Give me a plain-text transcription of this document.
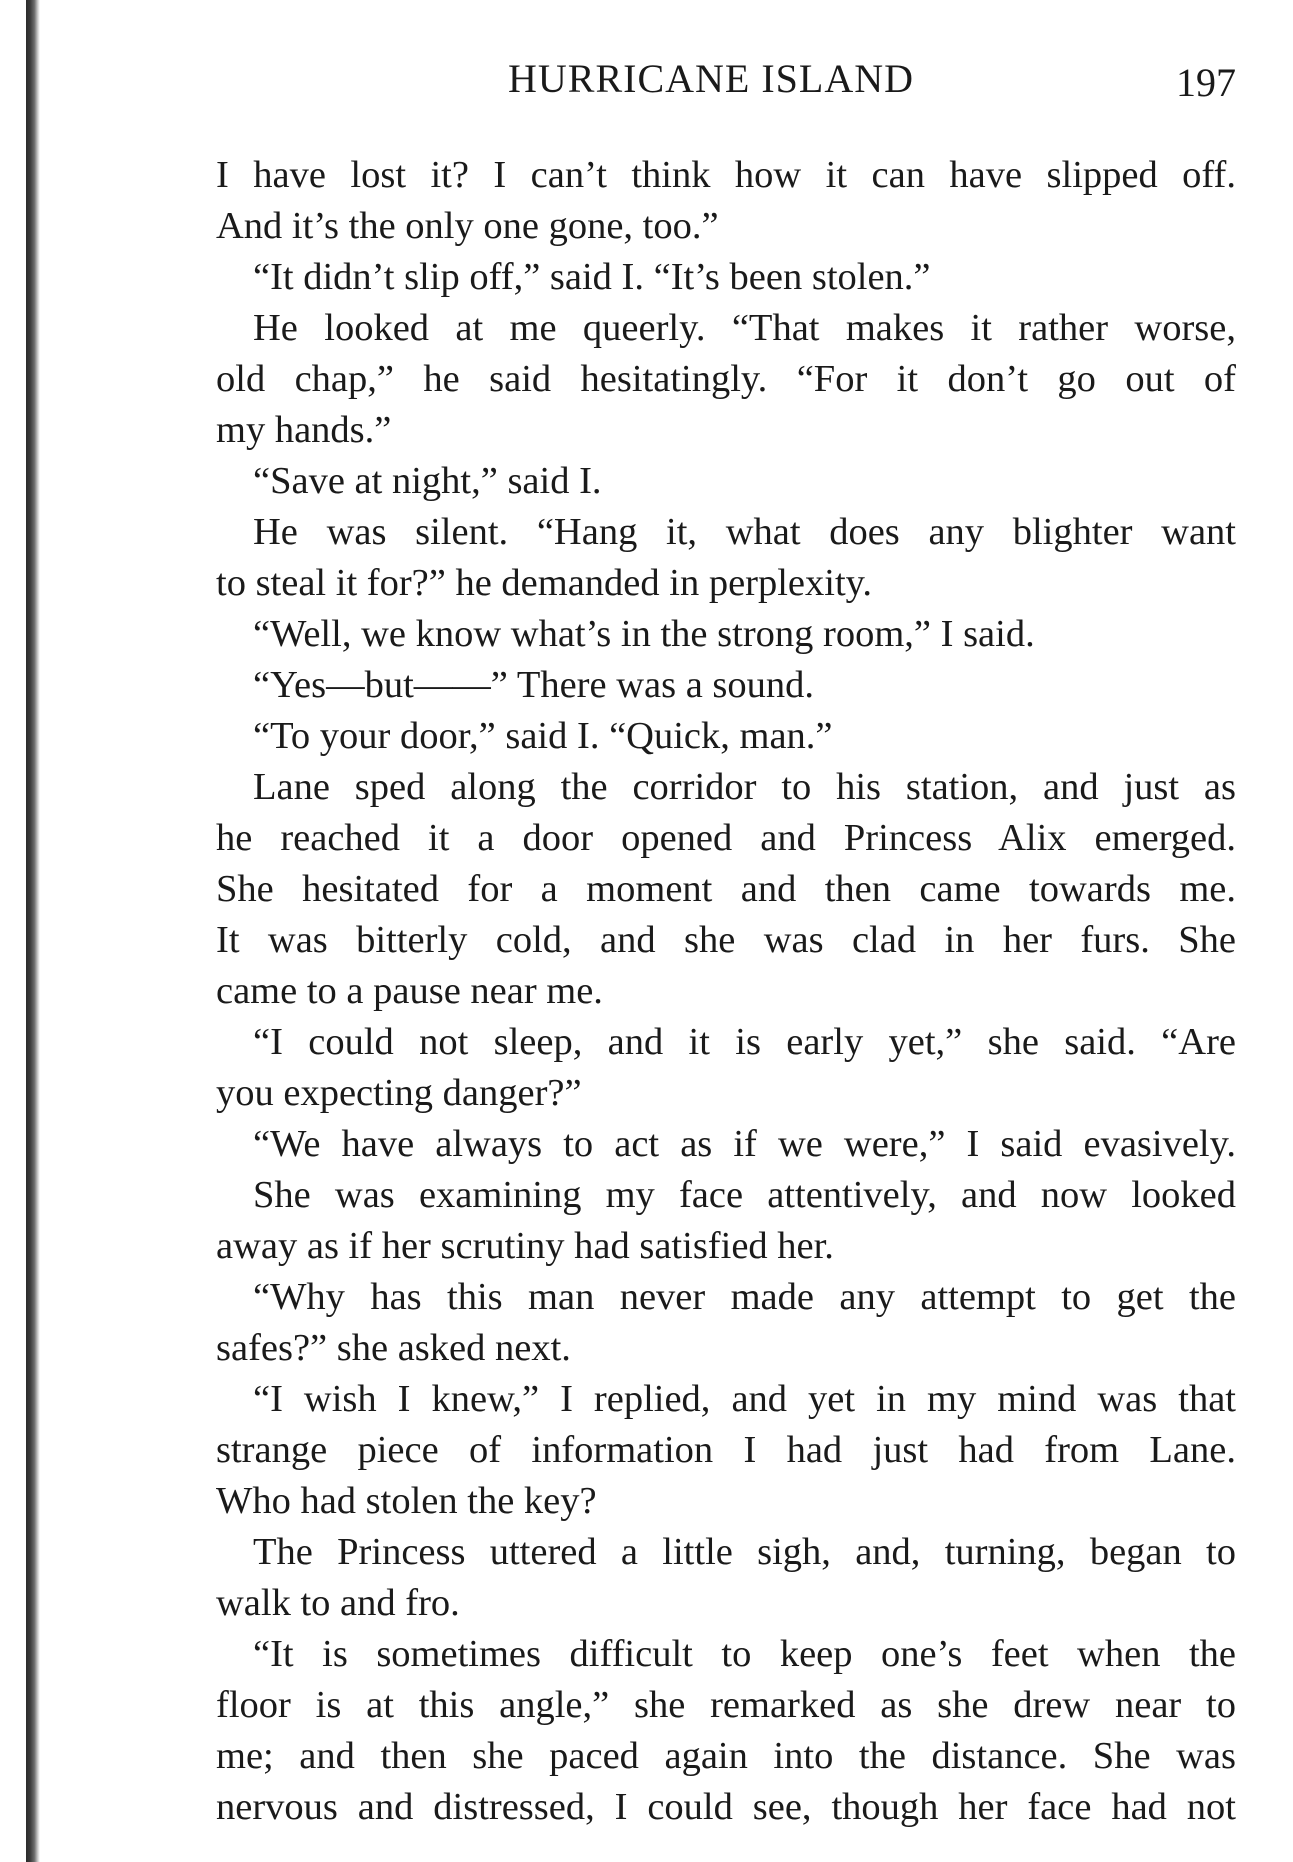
HURRICANE ISLAND	197
I have lost it? I can’t think how it can have slipped off.
And it’s the only one gone, too.”
“It didn’t slip off,” said I. “It’s been stolen.”
He looked at me queerly. “That makes it rather worse,
old chap,” he said hesitatingly. “For it don’t go out of
my hands.”
“Save at night,” said I.
He was silent. “Hang it, what does any blighter want
to steal it for?” he demanded in perplexity.
“Well, we know what’s in the strong room,” I said.
“Yes—but——” There was a sound.
“To your door,” said I. “Quick, man.”
Lane sped along the corridor to his station, and just as
he reached it a door opened and Princess Alix emerged.
She hesitated for a moment and then came towards me.
It was bitterly cold, and she was clad in her furs. She
came to a pause near me.
“I could not sleep, and it is early yet,” she said. “Are
you expecting danger?”
“We have always to act as if we were,” I said evasively.
She was examining my face attentively, and now looked
away as if her scrutiny had satisfied her.
“Why has this man never made any attempt to get the
safes?” she asked next.
“I wish I knew,” I replied, and yet in my mind was that
strange piece of information I had just had from Lane.
Who had stolen the key?
The Princess uttered a little sigh, and, turning, began to
walk to and fro.
“It is sometimes difficult to keep one’s feet when the
floor is at this angle,” she remarked as she drew near to
me; and then she paced again into the distance. She was
nervous and distressed, I could see, though her face had not
